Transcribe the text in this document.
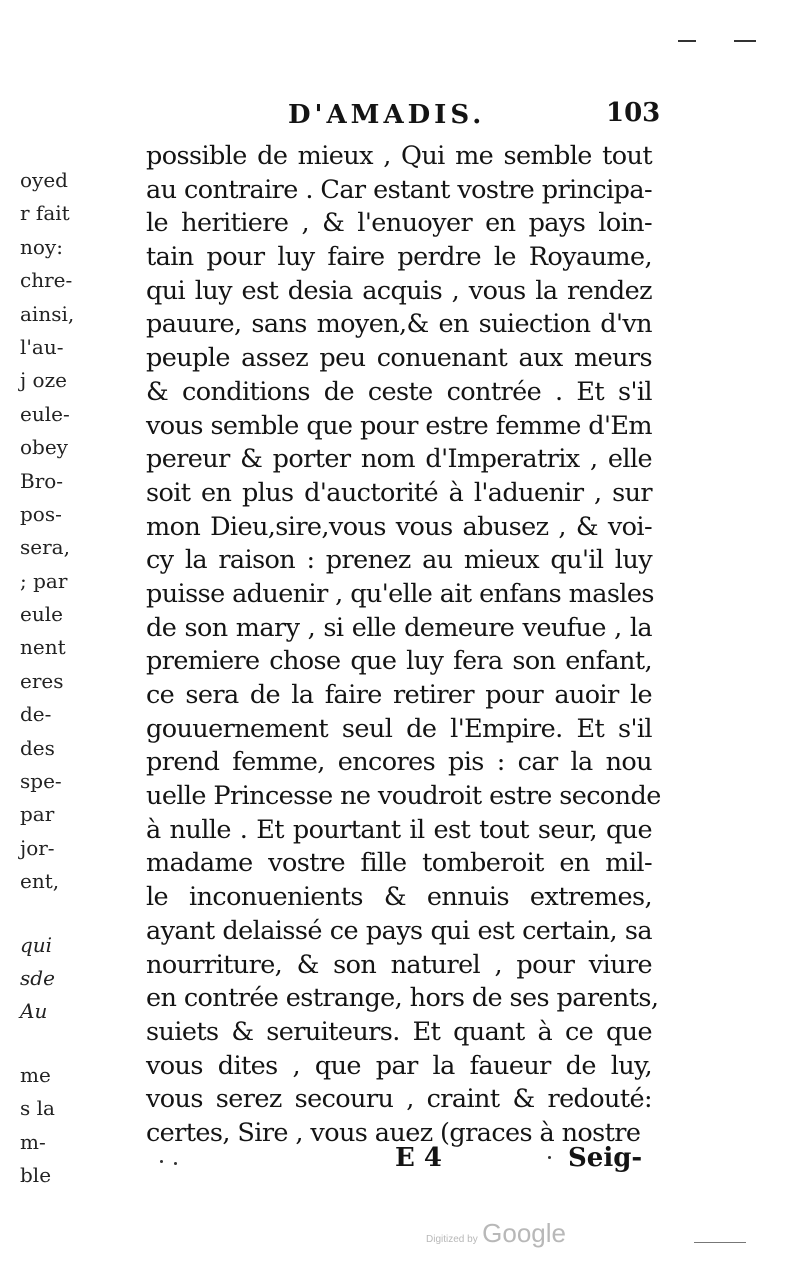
D'AMADIS.	103
oyed
r fait
noy:
chre-
ainsi,
l'au-
j oze
eule-
obey
Bro-
pos-
sera,
; par
eule
nent
eres
de-
des
spe-
par
jor-
ent,
qui
sde
Au
me
s la
m-
ble
possible de mieux , Qui me semble tout
au contraire . Car estant vostre principa-
le heritiere , & l'enuoyer en pays loin-
tain pour luy faire perdre le Royaume,
qui luy est desia acquis , vous la rendez
pauure, sans moyen,& en suiection d'vn
peuple assez peu conuenant aux meurs
& conditions de ceste contrée . Et s'il
vous semble que pour estre femme d'Em
pereur & porter nom d'Imperatrix , elle
soit en plus d'auctorité à l'aduenir , sur
mon Dieu,sire,vous vous abusez , & voi-
cy la raison : prenez au mieux qu'il luy
puisse aduenir , qu'elle ait enfans masles
de son mary , si elle demeure veufue , la
premiere chose que luy fera son enfant,
ce sera de la faire retirer pour auoir le
gouuernement seul de l'Empire. Et s'il
prend femme, encores pis : car la nou
uelle Princesse ne voudroit estre seconde
à nulle . Et pourtant il est tout seur, que
madame vostre fille tomberoit en mil-
le inconuenients & ennuis extremes,
ayant delaissé ce pays qui est certain, sa
nourriture, & son naturel , pour viure
en contrée estrange, hors de ses parents,
suiets & seruiteurs. Et quant à ce que
vous dites , que par la faueur de luy,
vous serez secouru , craint & redouté:
certes, Sire , vous auez (graces à nostre
E 4	Seig-
Digitized by Google
